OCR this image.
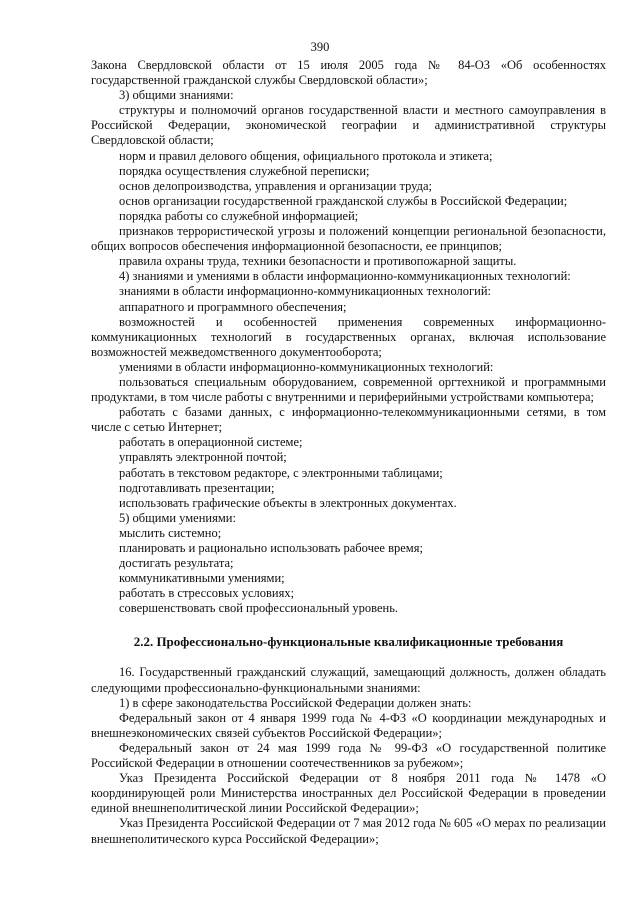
390

Закона Свердловской области от 15 июля 2005 года № 84-ОЗ «Об особенностях государственной гражданской службы Свердловской области»;

3) общими знаниями:

структуры и полномочий органов государственной власти и местного самоуправления в Российской Федерации, экономической географии и административной структуры Свердловской области;

норм и правил делового общения, официального протокола и этикета;

порядка осуществления служебной переписки;

основ делопроизводства, управления и организации труда;

основ организации государственной гражданской службы в Российской Федерации;

порядка работы со служебной информацией;

признаков террористической угрозы и положений концепции региональной безопасности, общих вопросов обеспечения информационной безопасности, ее принципов;

правила охраны труда, техники безопасности и противопожарной защиты.

4) знаниями и умениями в области информационно-коммуникационных технологий:

знаниями в области информационно-коммуникационных технологий:

аппаратного и программного обеспечения;

возможностей и особенностей применения современных информационно-коммуникационных технологий в государственных органах, включая использование возможностей межведомственного документооборота;

умениями в области информационно-коммуникационных технологий:

пользоваться специальным оборудованием, современной оргтехникой и программными продуктами, в том числе работы с внутренними и периферийными устройствами компьютера;

работать с базами данных, с информационно-телекоммуникационными сетями, в том числе с сетью Интернет;

работать в операционной системе;

управлять электронной почтой;

работать в текстовом редакторе, с электронными таблицами;

подготавливать презентации;

использовать графические объекты в электронных документах.

5) общими умениями:

мыслить системно;

планировать и рационально использовать рабочее время;

достигать результата;

коммуникативными умениями;

работать в стрессовых условиях;

совершенствовать свой профессиональный уровень.

2.2. Профессионально-функциональные квалификационные требования

16. Государственный гражданский служащий, замещающий должность, должен обладать следующими профессионально-функциональными знаниями:

1) в сфере законодательства Российской Федерации должен знать:

Федеральный закон от 4 января 1999 года № 4-ФЗ «О координации международных и внешнеэкономических связей субъектов Российской Федерации»;

Федеральный закон от 24 мая 1999 года № 99-ФЗ «О государственной политике Российской Федерации в отношении соотечественников за рубежом»;

Указ Президента Российской Федерации от 8 ноября 2011 года № 1478 «О координирующей роли Министерства иностранных дел Российской Федерации в проведении единой внешнеполитической линии Российской Федерации»;

Указ Президента Российской Федерации от 7 мая 2012 года № 605 «О мерах по реализации внешнеполитического курса Российской Федерации»;
